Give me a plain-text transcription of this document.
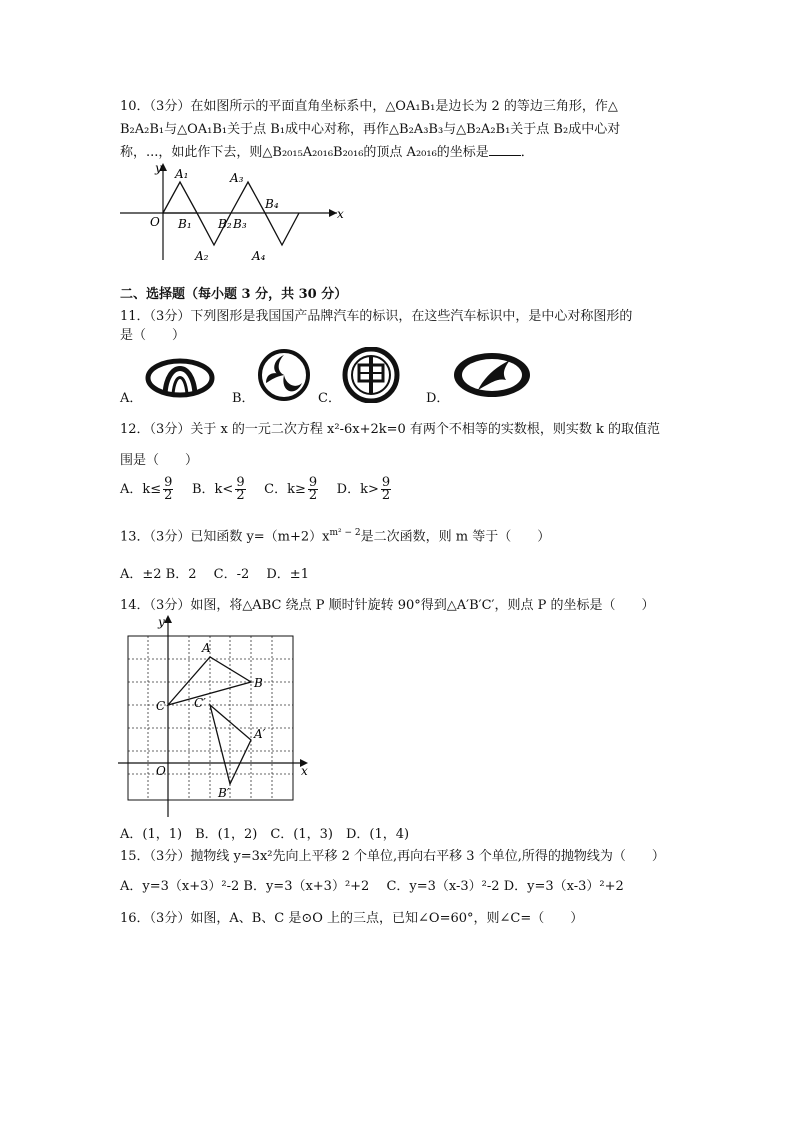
10．（3分）在如图所示的平面直角坐标系中，△OA₁B₁是边长为 2 的等边三角形，作△
B₂A₂B₁与△OA₁B₁关于点 B₁成中心对称，再作△B₂A₃B₃与△B₂A₂B₁关于点 B₂成中心对
称，...，如此作下去，则△B₂₀₁₅A₂₀₁₆B₂₀₁₆的顶点 A₂₀₁₆的坐标是 ．
y
x
O
A₁
B₁
A₂
B₂ B₃
A₃
B₄
A₄
二、选择题（每小题 3 分，共 30 分）
11．（3分）下列图形是我国国产品牌汽车的标识，在这些汽车标识中，是中心对称图形的
是（　　）
A．	B．	C．	D．
12．（3分）关于 x 的一元二次方程 x²-6x+2k=0 有两个不相等的实数根，则实数 k 的取值范
围是（　　）
A．$k\le \frac{9}{2}$ B．$k< \frac{9}{2}$ C．$k\ge \frac{9}{2}$ D．$k> \frac{9}{2}$
13．（3分）已知函数 $y=(m+2)x^{m^2 - 2}$是二次函数，则 m 等于（　　）
A．±2 B．2　 C．-2　 D．±1
14．（3分）如图，将△ABC 绕点 P 顺时针旋转 90°得到△A′B′C′，则点 P 的坐标是（　　）
y
x
O
A
B
C C′
A′
B′
A．(1，1)　B．(1，2)　C．(1，3)　D．(1，4)
15．（3分）抛物线 y=3x²先向上平移 2 个单位,再向右平移 3 个单位,所得的抛物线为（　　）
A．y=3（x+3）²-2 B．y=3（x+3）²+2　 C．y=3（x-3）²-2 D．y=3（x-3）²+2
16．（3分）如图，A、B、C 是⊙O 上的三点，已知∠O=60°，则∠C=（　　）
